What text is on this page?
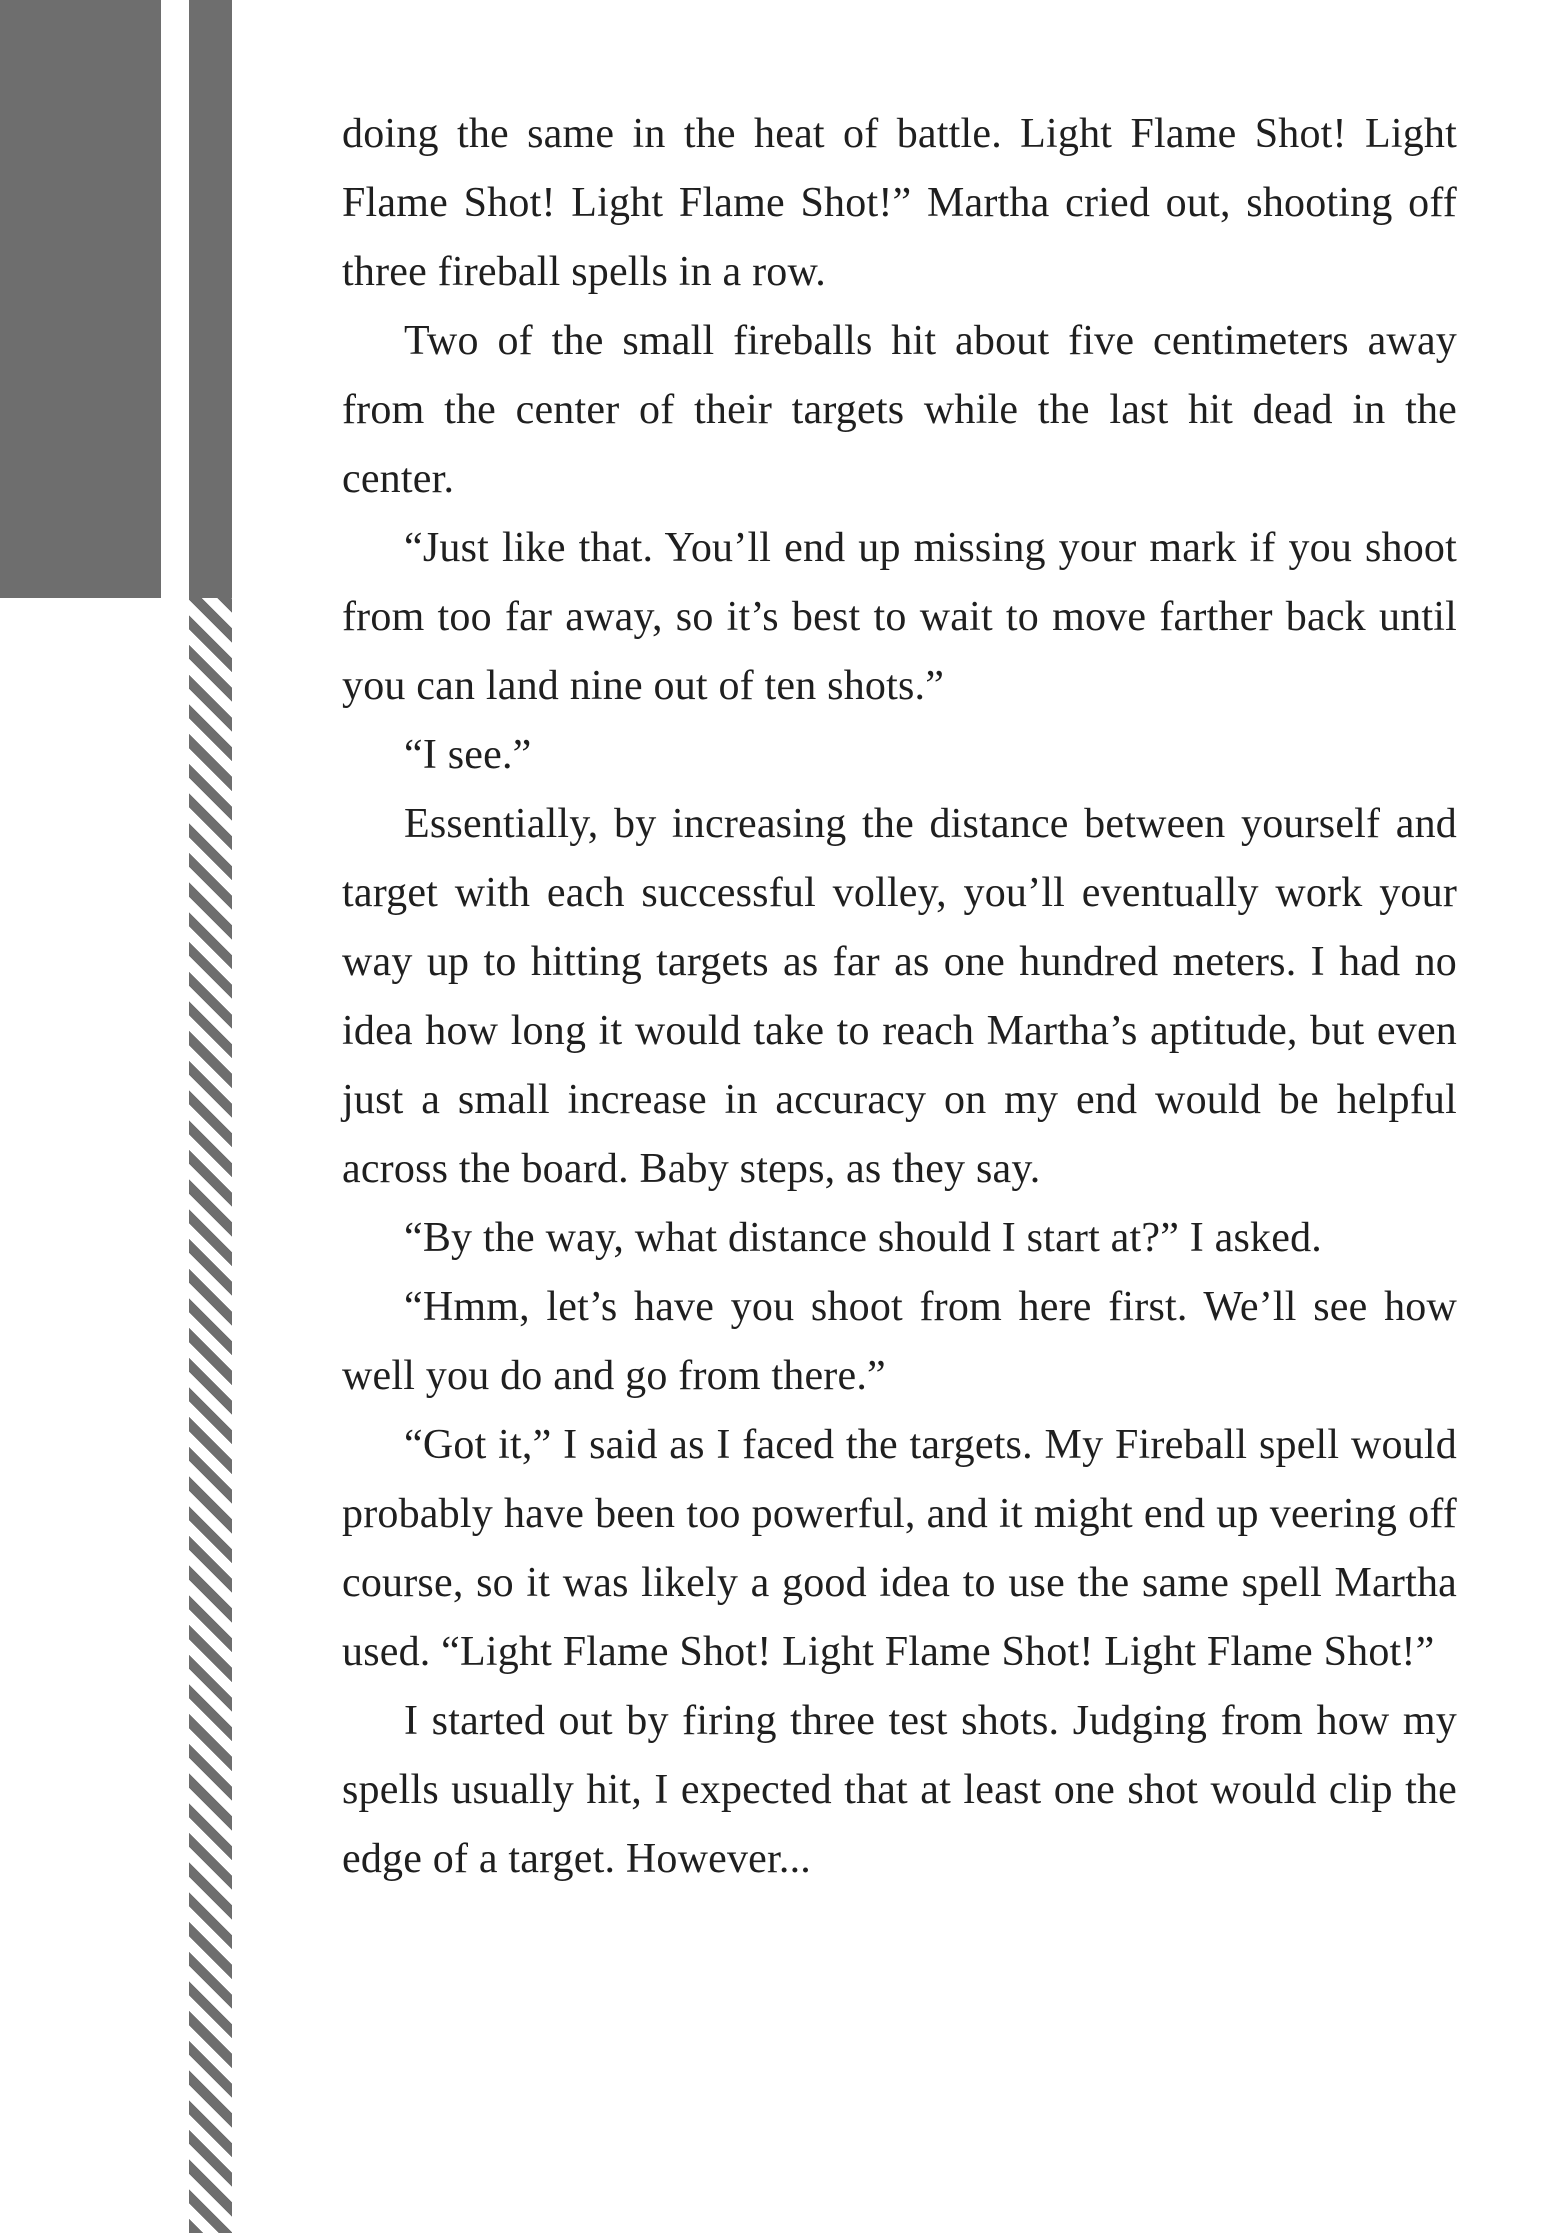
doing the same in the heat of battle. Light Flame Shot! Light Flame Shot! Light Flame Shot!” Martha cried out, shooting off three fireball spells in a row.

Two of the small fireballs hit about five centimeters away from the center of their targets while the last hit dead in the center.

“Just like that. You’ll end up missing your mark if you shoot from too far away, so it’s best to wait to move farther back until you can land nine out of ten shots.”

“I see.”

Essentially, by increasing the distance between yourself and target with each successful volley, you’ll eventually work your way up to hitting targets as far as one hundred meters. I had no idea how long it would take to reach Martha’s aptitude, but even just a small increase in accuracy on my end would be helpful across the board. Baby steps, as they say.

“By the way, what distance should I start at?” I asked.

“Hmm, let’s have you shoot from here first. We’ll see how well you do and go from there.”

“Got it,” I said as I faced the targets. My Fireball spell would probably have been too powerful, and it might end up veering off course, so it was likely a good idea to use the same spell Martha used. “Light Flame Shot! Light Flame Shot! Light Flame Shot!”

I started out by firing three test shots. Judging from how my spells usually hit, I expected that at least one shot would clip the edge of a target. However...
